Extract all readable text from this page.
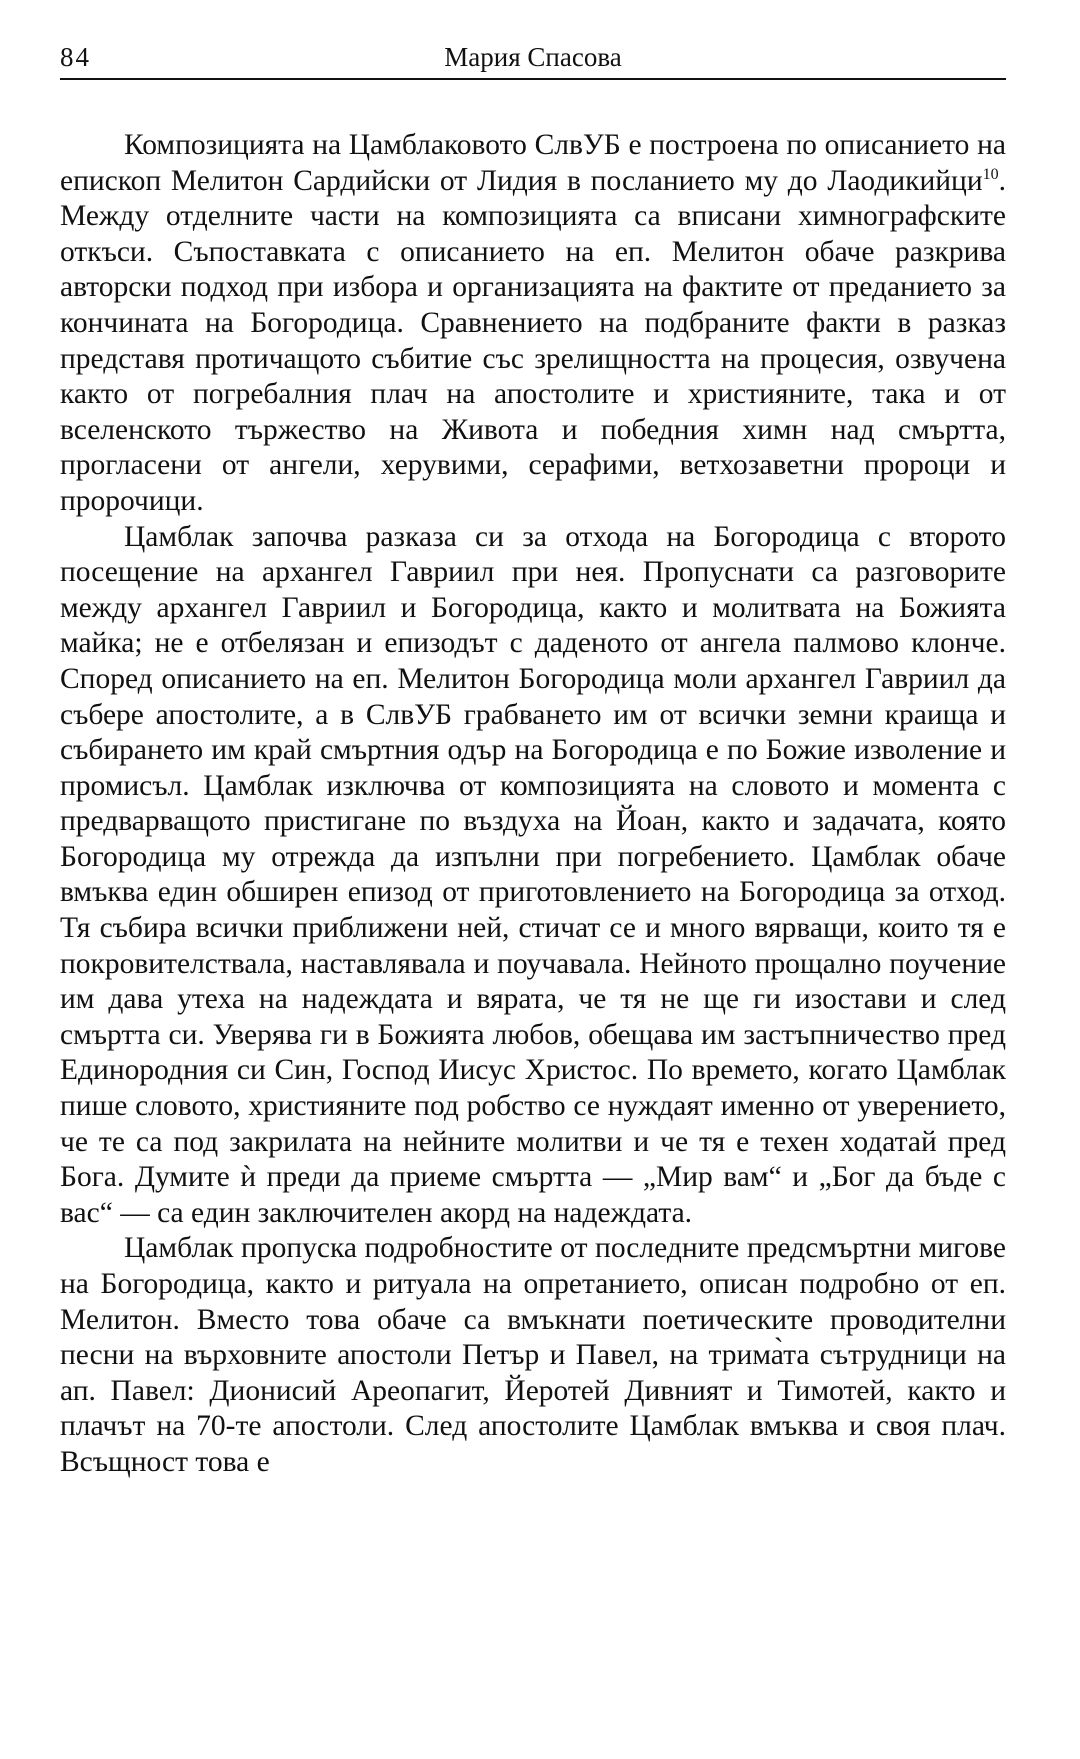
84	Мария Спасова

Композицията на Цамблаковото СлвУБ е построена по описанието на епископ Мелитон Сардийски от Лидия в посланието му до Лаодикийци$^{10}$. Между отделните части на композицията са вписани химнографските откъси. Съпоставката с описанието на еп. Мелитон обаче разкрива авторски подход при избора и организацията на фактите от преданието за кончината на Богородица. Сравнението на подбраните факти в разказ представя протичащото събитие със зрелищността на процесия, озвучена както от погребалния плач на апостолите и християните, така и от вселенското тържество на Живота и победния химн над смъртта, прогласени от ангели, херувими, серафими, ветхозаветни пророци и пророчици.

Цамблак започва разказа си за отхода на Богородица с второто посещение на архангел Гавриил при нея. Пропуснати са разговорите между архангел Гавриил и Богородица, както и молитвата на Божията майка; не е отбелязан и епизодът с даденото от ангела палмово клонче. Според описанието на еп. Мелитон Богородица моли архангел Гавриил да събере апостолите, а в СлвУБ грабването им от всички земни краища и събирането им край смъртния одър на Богородица е по Божие изволение и промисъл. Цамблак изключва от композицията на словото и момента с предварващото пристигане по въздуха на Йоан, както и задачата, която Богородица му отрежда да изпълни при погребението. Цамблак обаче вмъква един обширен епизод от приготовлението на Богородица за отход. Тя събира всички приближени ней, стичат се и много вярващи, които тя е покровителствала, наставлявала и поучавала. Нейното прощално поучение им дава утеха на надеждата и вярата, че тя не ще ги изостави и след смъртта си. Уверява ги в Божията любов, обещава им застъпничество пред Единородния си Син, Господ Иисус Христос. По времето, когато Цамблак пише словото, християните под робство се нуждаят именно от уверението, че те са под закрилата на нейните молитви и че тя е техен ходатай пред Бога. Думите ѝ преди да приеме смъртта — „Мир вам“ и „Бог да бъде с вас“ — са един заключителен акорд на надеждата.

Цамблак пропуска подробностите от последните предсмъртни мигове на Богородица, както и ритуала на опретанието, описан подробно от еп. Мелитон. Вместо това обаче са вмъкнати поетическите проводителни песни на върховните апостоли Петър и Павел, на трима̀та сътрудници на ап. Павел: Дионисий Ареопагит, Йеротей Дивният и Тимотей, както и плачът на 70-те апостоли. След апостолите Цамблак вмъква и своя плач. Всъщност това е
